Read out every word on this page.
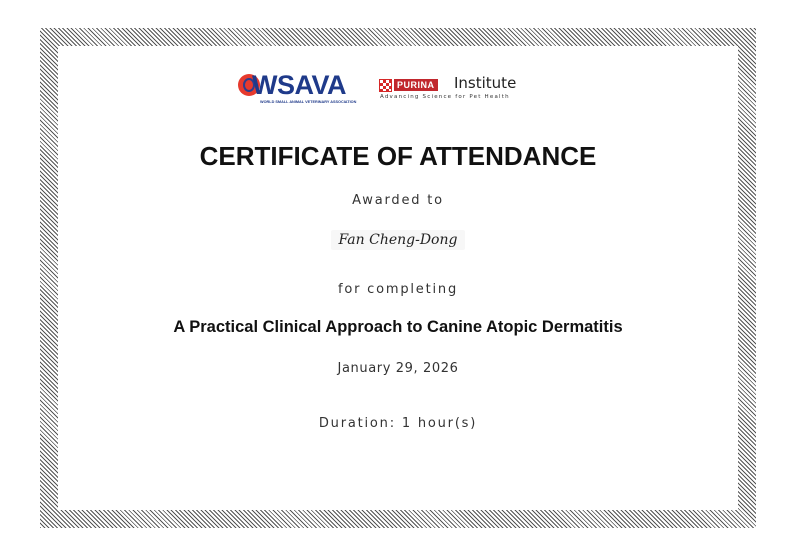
WSAVA
WORLD SMALL ANIMAL VETERINARY ASSOCIATION
PURINA Institute
Advancing Science for Pet Health
CERTIFICATE OF ATTENDANCE
Awarded to
Fan Cheng-Dong
for completing
A Practical Clinical Approach to Canine Atopic Dermatitis
January 29, 2026
Duration: 1 hour(s)
